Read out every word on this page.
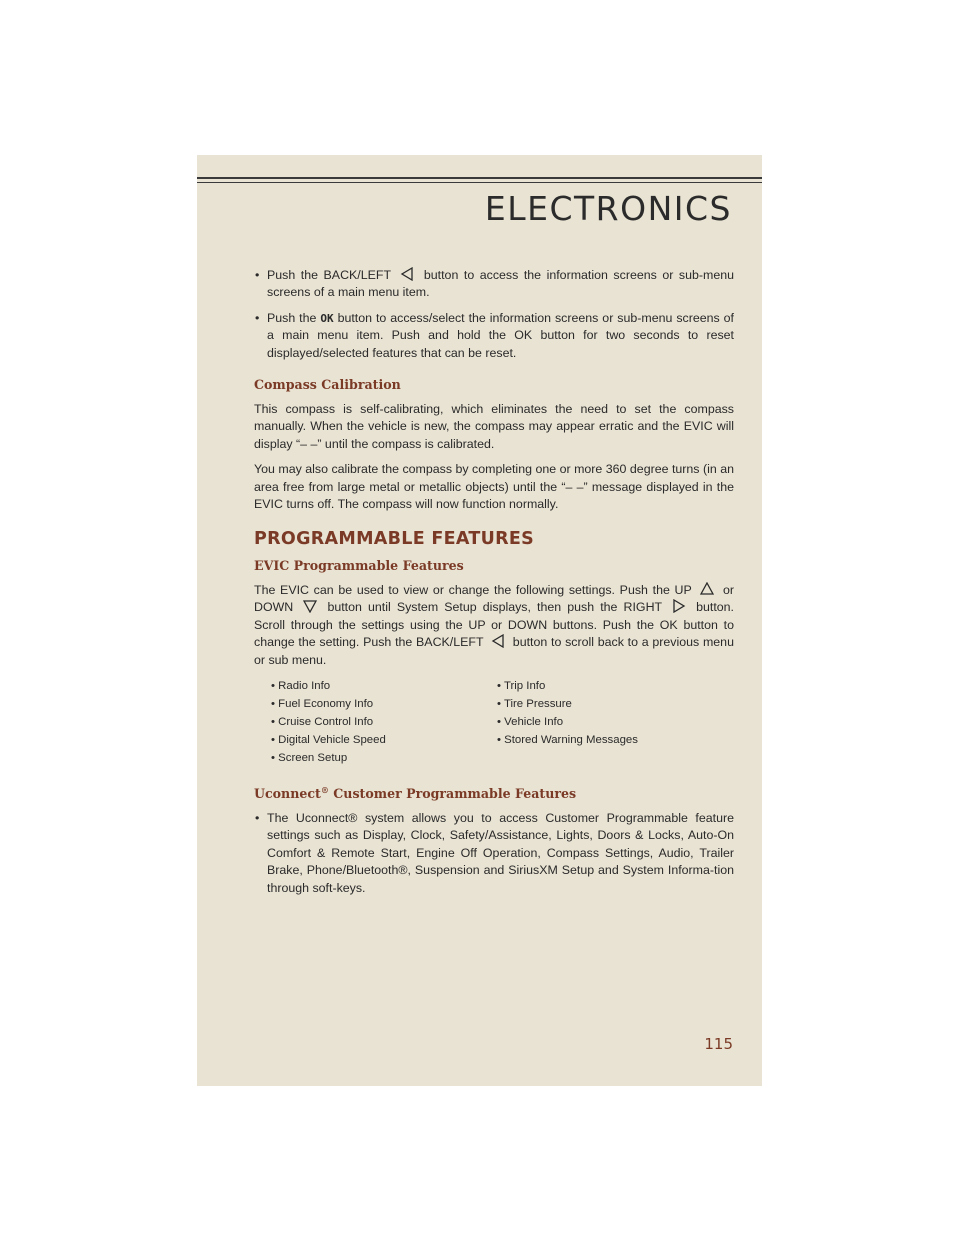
ELECTRONICS
• Push the BACK/LEFT	button to access the information screens or sub-menu screens of a main menu item.
• Push the OK button to access/select the information screens or sub-menu screens of a main menu item. Push and hold the OK button for two seconds to reset displayed/selected features that can be reset.
Compass Calibration

This compass is self-calibrating, which eliminates the need to set the compass manually. When the vehicle is new, the compass may appear erratic and the EVIC will display “– –” until the compass is calibrated.

You may also calibrate the compass by completing one or more 360 degree turns (in an area free from large metal or metallic objects) until the “– –” message displayed in the EVIC turns off. The compass will now function normally.

PROGRAMMABLE FEATURES
EVIC Programmable Features

The EVIC can be used to view or change the following settings. Push the UP	or DOWN	button until System Setup displays, then push the RIGHT	button. Scroll through the settings using the UP or DOWN buttons. Push the OK button to change the setting. Push the BACK/LEFT button to scroll back to a previous menu or sub menu.

• Radio Info	• Trip Info
• Fuel Economy Info	• Tire Pressure
• Cruise Control Info	• Vehicle Info
• Digital Vehicle Speed	• Stored Warning Messages
• Screen Setup
Uconnect® Customer Programmable Features
• The Uconnect® system allows you to access Customer Programmable feature settings such as Display, Clock, Safety/Assistance, Lights, Doors & Locks, Auto-On Comfort & Remote Start, Engine Off Operation, Compass Settings, Audio, Trailer Brake, Phone/Bluetooth®, Suspension and SiriusXM Setup and System Informa-tion through soft-keys.
115
